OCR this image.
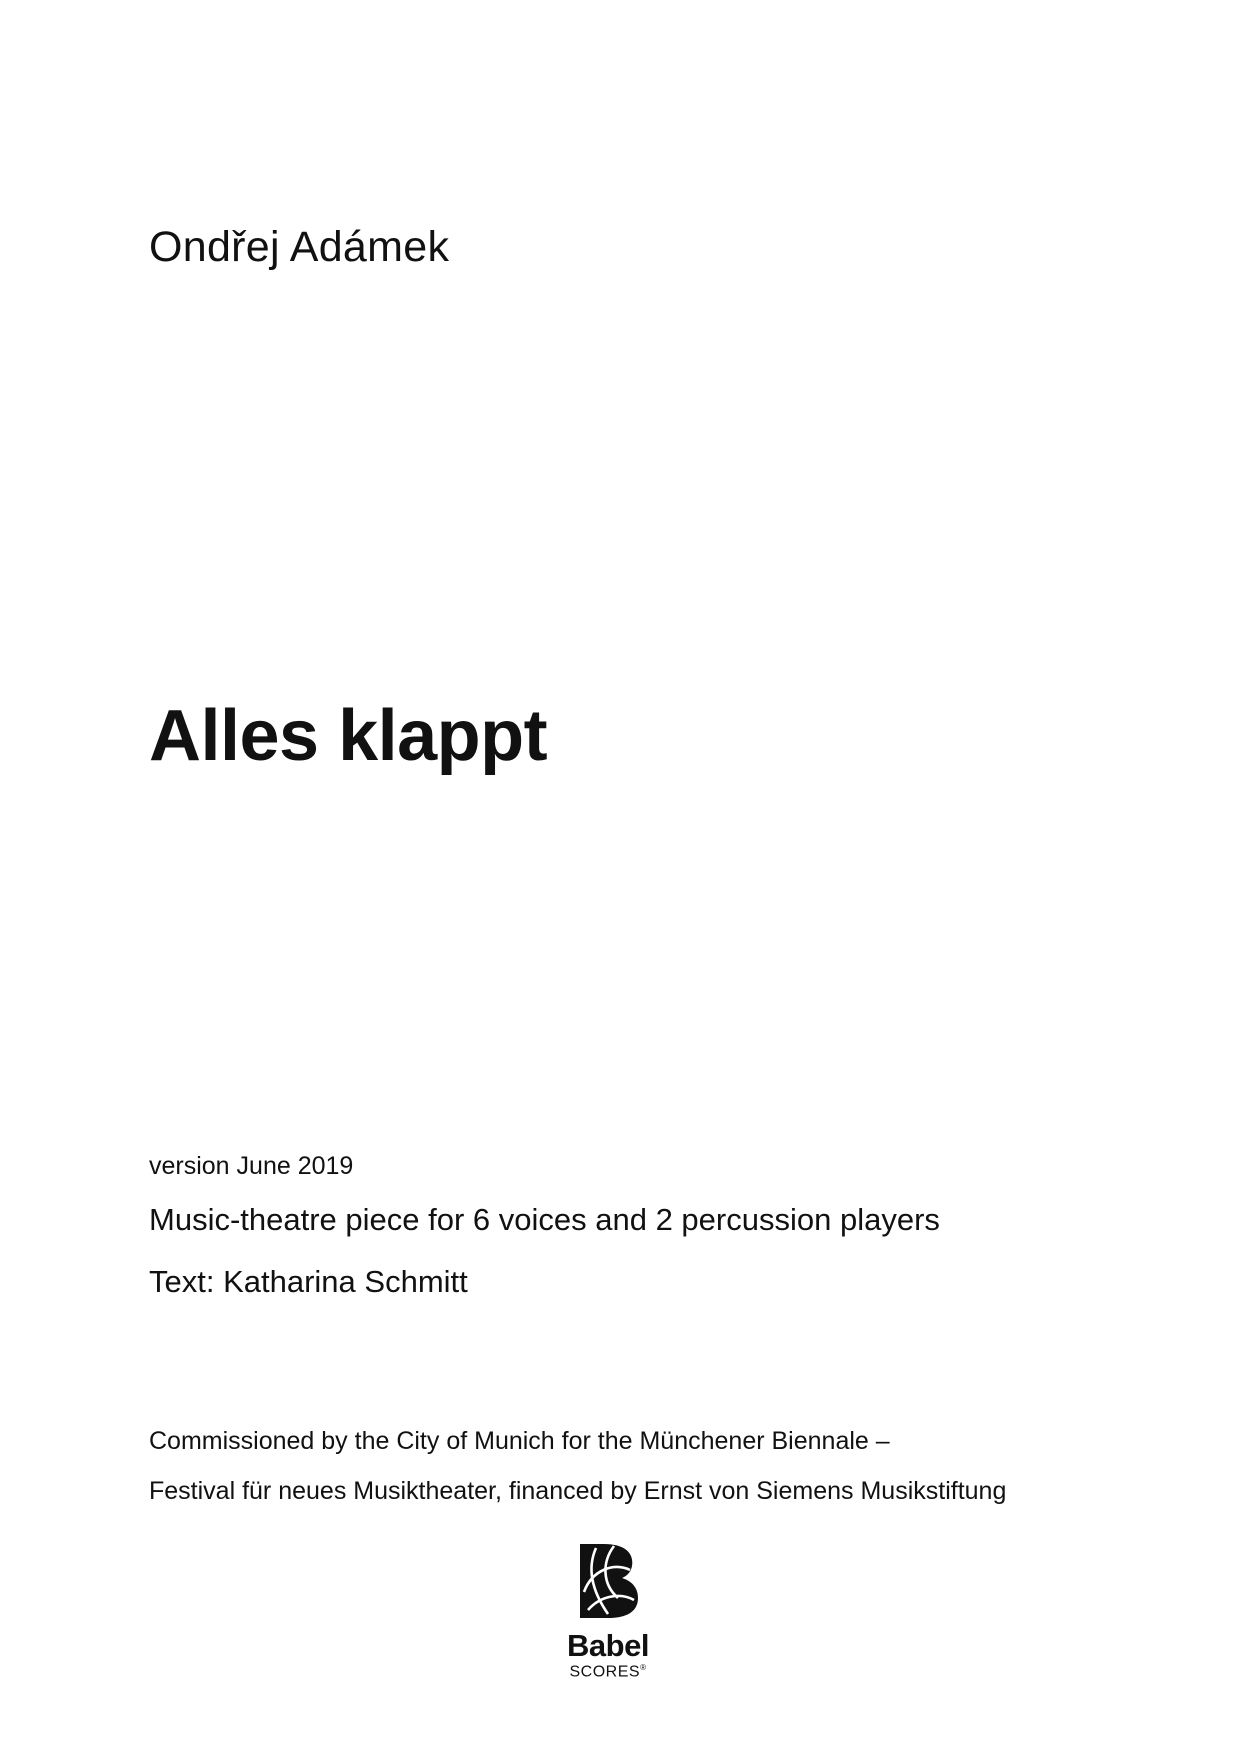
Ondřej Adámek
Alles klappt
version June 2019
Music-theatre piece for 6 voices and 2 percussion players
Text: Katharina Schmitt
Commissioned by the City of Munich for the Münchener Biennale –
Festival für neues Musiktheater, financed by Ernst von Siemens Musikstiftung
Babel
SCORES®
